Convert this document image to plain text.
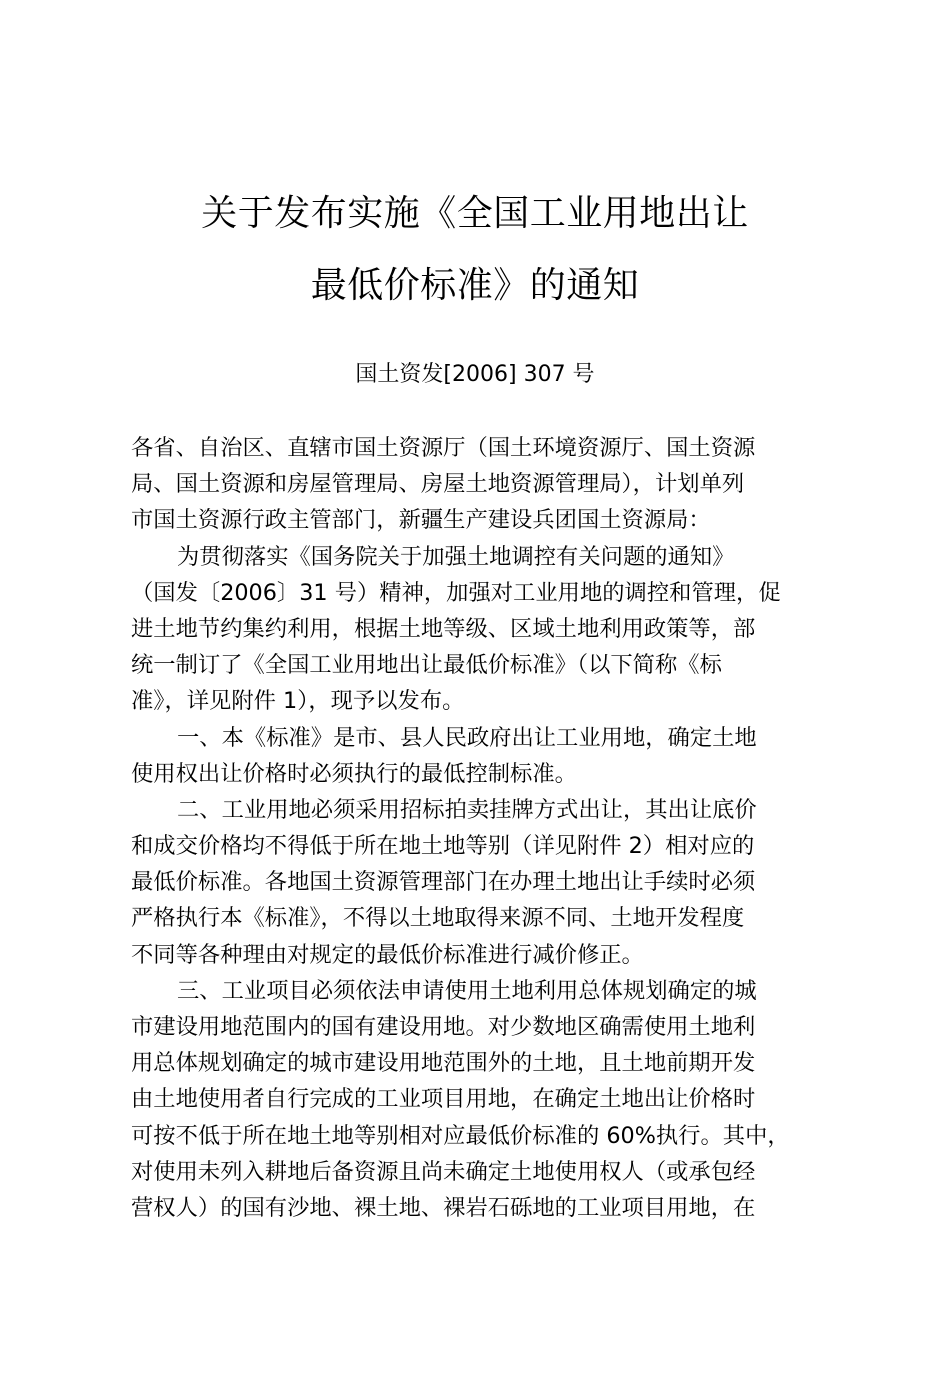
关于发布实施《全国工业用地出让
最低价标准》的通知
国土资发[2006] 307 号
各省、自治区、直辖市国土资源厅（国土环境资源厅、国土资源
局、国土资源和房屋管理局、房屋土地资源管理局），计划单列
市国土资源行政主管部门，新疆生产建设兵团国土资源局：
为贯彻落实《国务院关于加强土地调控有关问题的通知》
（国发〔2006〕31 号）精神，加强对工业用地的调控和管理，促
进土地节约集约利用，根据土地等级、区域土地利用政策等，部
统一制订了《全国工业用地出让最低价标准》（以下简称《标
准》，详见附件 1），现予以发布。
一、本《标准》是市、县人民政府出让工业用地，确定土地
使用权出让价格时必须执行的最低控制标准。
二、工业用地必须采用招标拍卖挂牌方式出让，其出让底价
和成交价格均不得低于所在地土地等别（详见附件 2）相对应的
最低价标准。各地国土资源管理部门在办理土地出让手续时必须
严格执行本《标准》，不得以土地取得来源不同、土地开发程度
不同等各种理由对规定的最低价标准进行减价修正。
三、工业项目必须依法申请使用土地利用总体规划确定的城
市建设用地范围内的国有建设用地。对少数地区确需使用土地利
用总体规划确定的城市建设用地范围外的土地，且土地前期开发
由土地使用者自行完成的工业项目用地，在确定土地出让价格时
可按不低于所在地土地等别相对应最低价标准的 60%执行。其中，
对使用未列入耕地后备资源且尚未确定土地使用权人（或承包经
营权人）的国有沙地、裸土地、裸岩石砾地的工业项目用地，在
